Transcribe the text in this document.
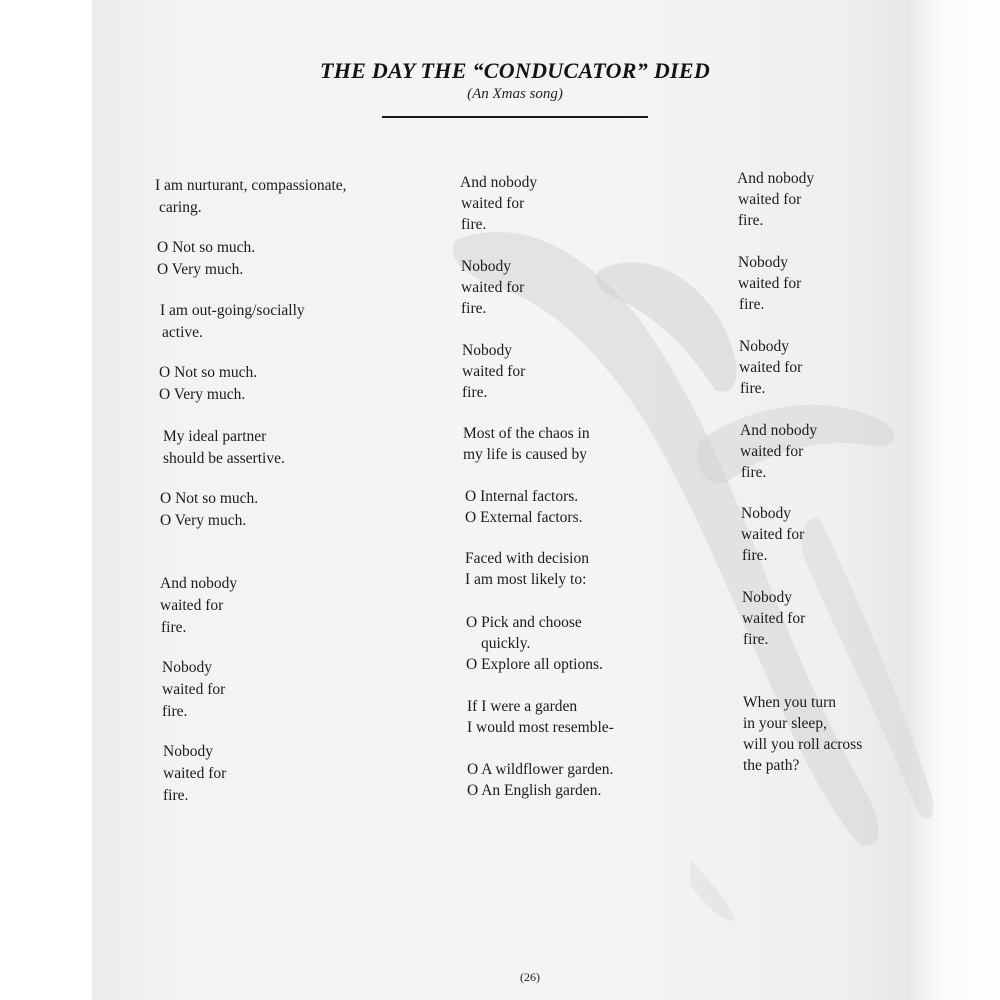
THE DAY THE “CONDUCATOR” DIED
(An Xmas song)
I am nurturant, compassionate,
caring.
O Not so much.
O Very much.
I am out-going/socially
active.
O Not so much.
O Very much.
My ideal partner
should be assertive.
O Not so much.
O Very much.
And nobody
waited for
fire.
Nobody
waited for
fire.
Nobody
waited for
fire.
And nobody
waited for
fire.
Nobody
waited for
fire.
Nobody
waited for
fire.
Most of the chaos in
my life is caused by
O Internal factors.
O External factors.
Faced with decision
I am most likely to:
O Pick and choose
quickly.
O Explore all options.
If I were a garden
I would most resemble-
O A wildflower garden.
O An English garden.
And nobody
waited for
fire.
Nobody
waited for
fire.
Nobody
waited for
fire.
And nobody
waited for
fire.
Nobody
waited for
fire.
Nobody
waited for
fire.
When you turn
in your sleep,
will you roll across
the path?
(26)
